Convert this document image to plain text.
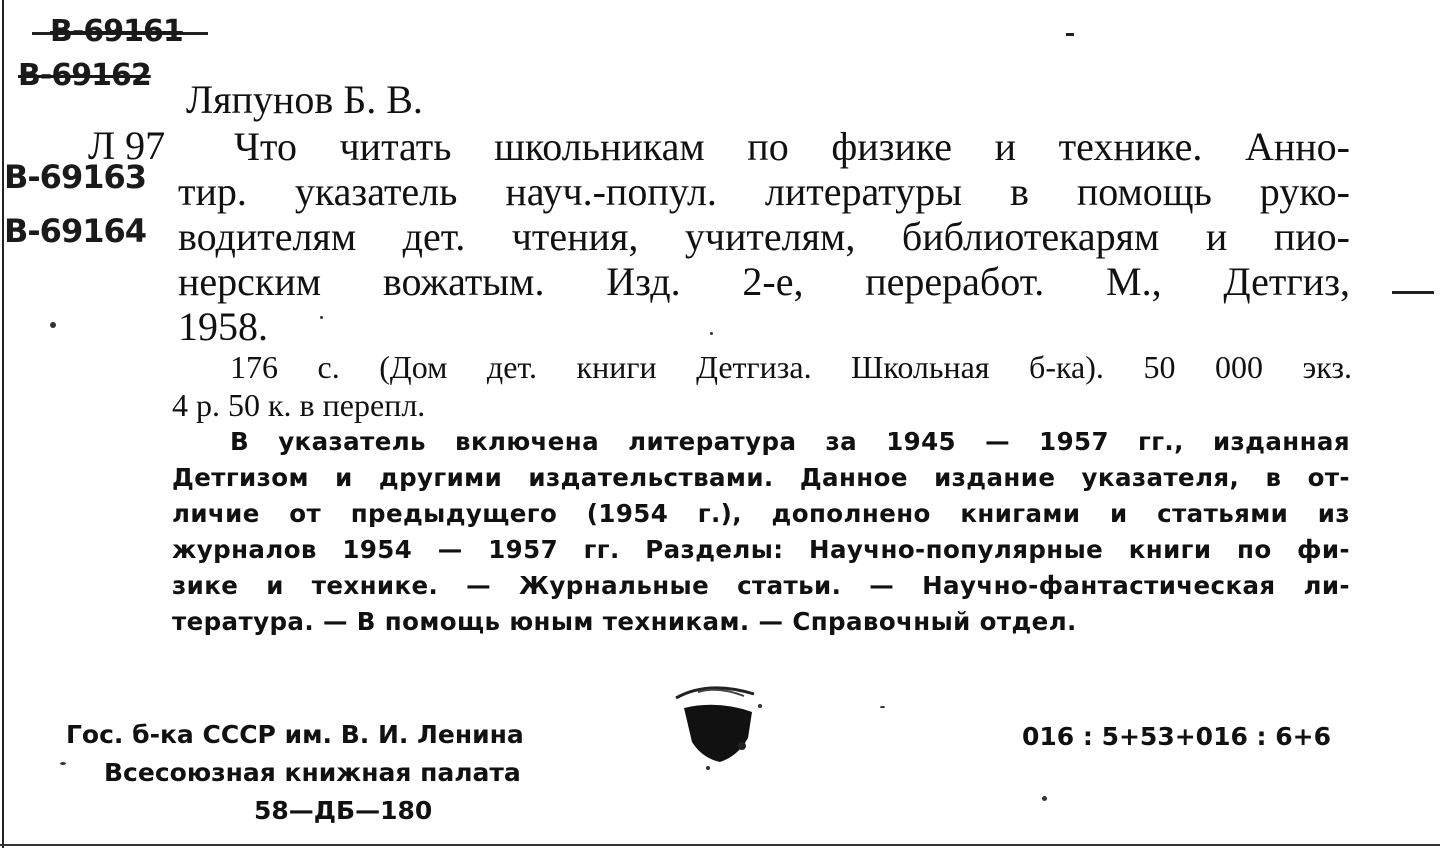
B-69161
B-69162
B-69163
B-69164
Ляпунов Б. В.
Л 97	Что читать школьникам по физике и технике. Анно-
тир. указатель науч.-попул. литературы в помощь руко-
водителям дет. чтения, учителям, библиотекарям и пио-
нерским вожатым. Изд. 2-е, переработ. М., Детгиз,
1958.
176 с. (Дом дет. книги Детгиза. Школьная б-ка). 50 000 экз.
4 р. 50 к. в перепл.
В указатель включена литература за 1945 — 1957 гг., изданная
Детгизом и другими издательствами. Данное издание указателя, в от-
личие от предыдущего (1954 г.), дополнено книгами и статьями из
журналов 1954 — 1957 гг. Разделы: Научно-популярные книги по фи-
зике и технике. — Журнальные статьи. — Научно-фантастическая ли-
тература. — В помощь юным техникам. — Справочный отдел.
Гос. б-ка СССР им. В. И. Ленина
Всесоюзная книжная палата
58—ДБ—180
016 : 5+53+016 : 6+6
